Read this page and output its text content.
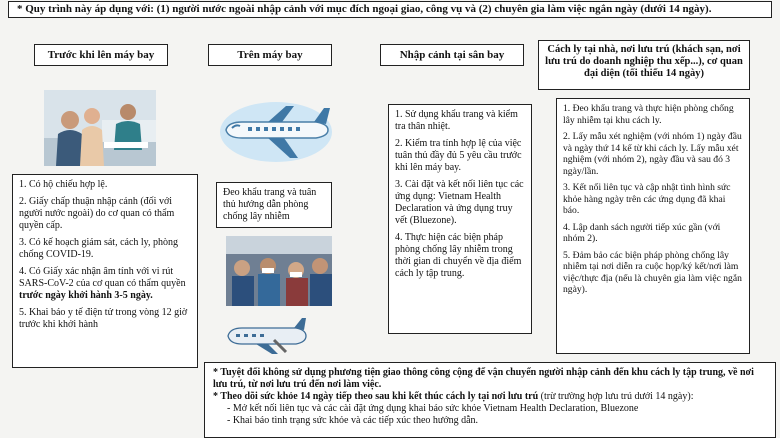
* Quy trình này áp dụng với: (1) người nước ngoài nhập cảnh với mục đích ngoại giao, công vụ và (2) chuyên gia làm việc ngắn ngày (dưới 14 ngày).
Trước khi lên máy bay

1. Có hộ chiếu hợp lệ.

2. Giấy chấp thuận nhập cảnh (đối với người nước ngoài) do cơ quan có thẩm quyền cấp.

3. Có kế hoạch giám sát, cách ly, phòng chống COVID-19.

4. Có Giấy xác nhận âm tính với vi rút SARS-CoV-2 của cơ quan có thẩm quyền trước ngày khởi hành 3-5 ngày.

5. Khai báo y tế điện tử trong vòng 12 giờ trước khi khởi hành

Trên máy bay

Đeo khẩu trang và tuân thủ hướng dẫn phòng chống lây nhiễm

Nhập cảnh tại sân bay

1. Sử dụng khẩu trang và kiểm tra thân nhiệt.

2. Kiểm tra tính hợp lệ của việc tuân thủ đầy đủ 5 yêu cầu trước khi lên máy bay.

3. Cài đặt và kết nối liên tục các ứng dụng: Vietnam Health Declaration và ứng dụng truy vết (Bluezone).

4. Thực hiện các biện pháp phòng chống lây nhiễm trong thời gian di chuyển về địa điểm cách ly tập trung.

Cách ly tại nhà, nơi lưu trú (khách sạn, nơi lưu trú do doanh nghiệp thu xếp...), cơ quan đại diện (tối thiểu 14 ngày)

1. Đeo khẩu trang và thực hiện phòng chống lây nhiễm tại khu cách ly.

2. Lấy mẫu xét nghiệm (với nhóm 1) ngày đầu và ngày thứ 14 kể từ khi cách ly. Lấy mẫu xét nghiệm (với nhóm 2), ngày đầu và sau đó 3 ngày/lần.

3. Kết nối liên tục và cập nhật tình hình sức khỏe hàng ngày trên các ứng dụng đã khai báo.

4. Lập danh sách người tiếp xúc gần (với nhóm 2).

5. Đảm bảo các biện pháp phòng chống lây nhiễm tại nơi diễn ra cuộc họp/ký kết/nơi làm việc/thực địa (nếu là chuyên gia làm việc ngắn ngày).

* Tuyệt đối không sử dụng phương tiện giao thông công cộng để vận chuyển người nhập cảnh đến khu cách ly tập trung, về nơi lưu trú, từ nơi lưu trú đến nơi làm việc.

* Theo dõi sức khỏe 14 ngày tiếp theo sau khi kết thúc cách ly tại nơi lưu trú (trừ trường hợp lưu trú dưới 14 ngày):

- Mở kết nối liên tục và các cài đặt ứng dụng khai báo sức khỏe Vietnam Health Declaration, Bluezone

- Khai báo tình trạng sức khỏe và các tiếp xúc theo hướng dẫn.
